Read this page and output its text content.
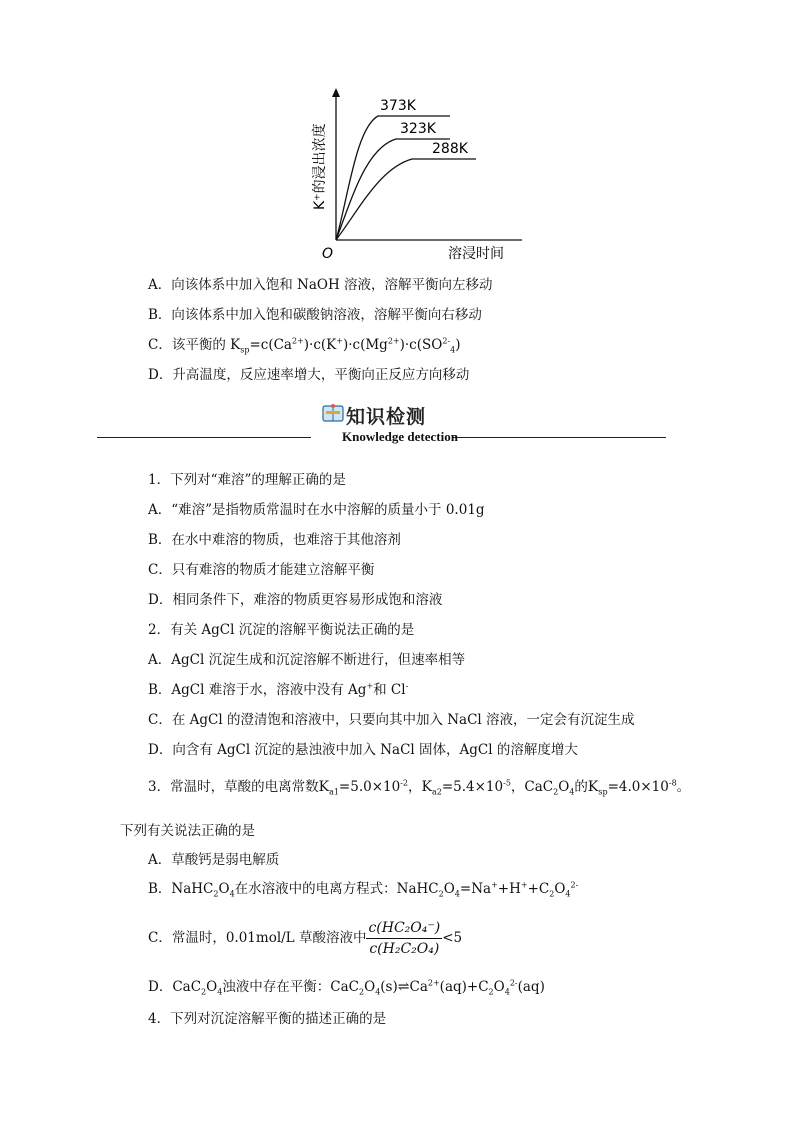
373K
323K
288K
O	溶浸时间
K⁺的浸出浓度
A．向该体系中加入饱和 NaOH 溶液，溶解平衡向左移动
B．向该体系中加入饱和碳酸钠溶液，溶解平衡向右移动
C．该平衡的 $K_{sp}=c(Ca^{2+})\cdot c(K^+)\cdot c(Mg^{2+})\cdot c(SO^{2-}_4)$
D．升高温度，反应速率增大，平衡向正反应方向移动
知识检测
Knowledge detection
1．下列对“难溶”的理解正确的是
A．“难溶”是指物质常温时在水中溶解的质量小于 0.01g
B．在水中难溶的物质，也难溶于其他溶剂
C．只有难溶的物质才能建立溶解平衡
D．相同条件下，难溶的物质更容易形成饱和溶液
2．有关 AgCl 沉淀的溶解平衡说法正确的是
A．AgCl 沉淀生成和沉淀溶解不断进行，但速率相等
B．AgCl 难溶于水，溶液中没有 Ag+和 Cl-
C．在 AgCl 的澄清饱和溶液中，只要向其中加入 NaCl 溶液，一定会有沉淀生成
D．向含有 AgCl 沉淀的悬浊液中加入 NaCl 固体，AgCl 的溶解度增大
3．常温时，草酸的电离常数$K_{a1}=5.0\times 10^{-2}$，$K_{a2}=5.4\times 10^{-5}$，$CaC_2O_4$的$K_{sp}=4.0\times 10^{-8}$。
下列有关说法正确的是
A．草酸钙是弱电解质
B．$NaHC_2O_4$在水溶液中的电离方程式：$NaHC_2O_4=Na^++H^++C_2O_4^{2-}$
C．常温时，0.01mol/L 草酸溶液中 $\frac{\text{c(HC₂O₄⁻)}}{\text{c(H₂C₂O₄)}} <5$
D．$CaC_2O_4$浊液中存在平衡：$CaC_2O_4(s)\rightleftharpoons Ca^{2+}(aq)+C_2O_4^{2-}(aq)$
4．下列对沉淀溶解平衡的描述正确的是
